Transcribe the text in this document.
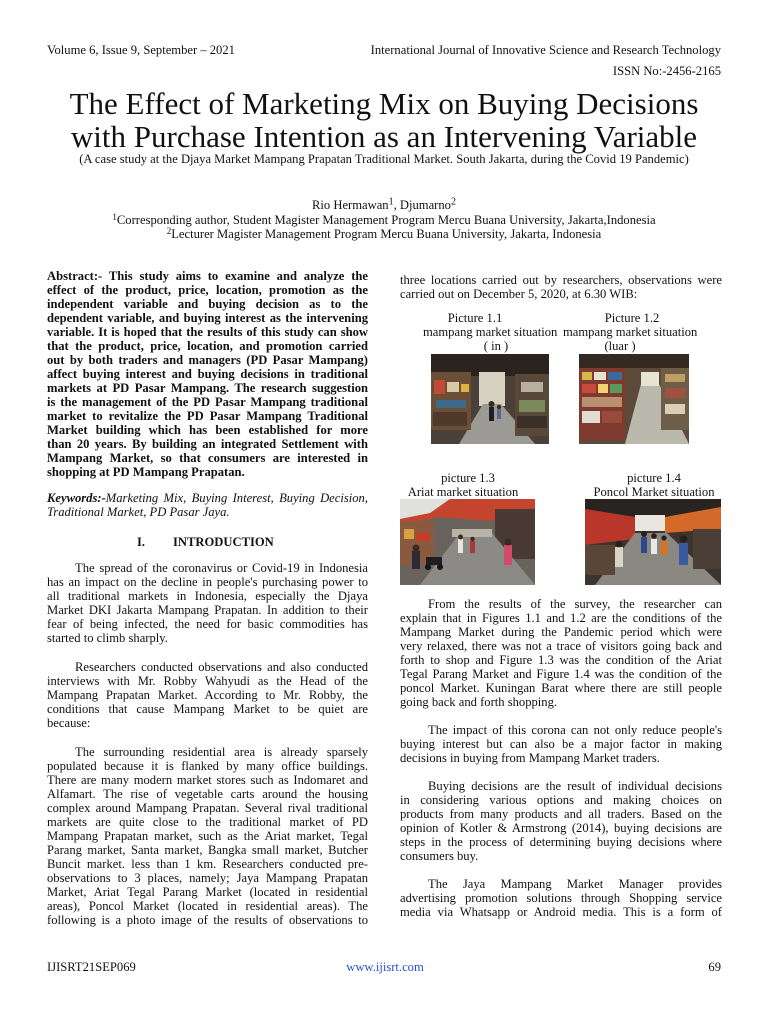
Volume 6, Issue 9, September – 2021	International Journal of Innovative Science and Research Technology
ISSN No:-2456-2165
The Effect of Marketing Mix on Buying Decisions
with Purchase Intention as an Intervening Variable
(A case study at the Djaya Market Mampang Prapatan Traditional Market. South Jakarta, during the Covid 19 Pandemic)
Rio Hermawan$^1$, Djumarno$^2$
$^1$Corresponding author, Student Magister Management Program Mercu Buana University, Jakarta,Indonesia
$^2$Lecturer Magister Management Program Mercu Buana University, Jakarta, Indonesia
Abstract:- This study aims to examine and analyze the
effect of the product, price, location, promotion as the
independent variable and buying decision as to the
dependent variable, and buying interest as the intervening
variable. It is hoped that the results of this study can show
that the product, price, location, and promotion carried
out by both traders and managers (PD Pasar Mampang)
affect buying interest and buying decisions in traditional
markets at PD Pasar Mampang. The research suggestion
is the management of the PD Pasar Mampang traditional
market to revitalize the PD Pasar Mampang Traditional
Market building which has been established for more
than 20 years. By building an integrated Settlement with
Mampang Market, so that consumers are interested in
shopping at PD Mampang Prapatan.
Keywords:-Marketing Mix, Buying Interest, Buying Decision,
Traditional Market, PD Pasar Jaya.
I. INTRODUCTION
The spread of the coronavirus or Covid-19 in Indonesia
has an impact on the decline in people's purchasing power to
all traditional markets in Indonesia, especially the Djaya
Market DKI Jakarta Mampang Prapatan. In addition to their
fear of being infected, the need for basic commodities has
started to climb sharply.
Researchers conducted observations and also conducted
interviews with Mr. Robby Wahyudi as the Head of the
Mampang Prapatan Market. According to Mr. Robby, the
conditions that cause Mampang Market to be quiet are
because:
The surrounding residential area is already sparsely
populated because it is flanked by many office buildings.
There are many modern market stores such as Indomaret and
Alfamart. The rise of vegetable carts around the housing
complex around Mampang Prapatan. Several rival traditional
markets are quite close to the traditional market of PD
Mampang Prapatan market, such as the Ariat market, Tegal
Parang market, Santa market, Bangka small market, Butcher
Buncit market. less than 1 km. Researchers conducted pre-
observations to 3 places, namely; Jaya Mampang Prapatan
Market, Ariat Tegal Parang Market (located in residential
areas), Poncol Market (located in residential areas). The
following is a photo image of the results of observations to
three locations carried out by researchers, observations were
carried out on December 5, 2020, at 6.30 WIB:
Picture 1.1
mampang market situation
( in )
Picture 1.2
mampang market situation
(luar )
picture 1.3
Ariat market situation
picture 1.4
Poncol Market situation
From the results of the survey, the researcher can
explain that in Figures 1.1 and 1.2 are the conditions of the
Mampang Market during the Pandemic period which were
very relaxed, there was not a trace of visitors going back and
forth to shop and Figure 1.3 was the condition of the Ariat
Tegal Parang Market and Figure 1.4 was the condition of the
poncol Market. Kuningan Barat where there are still people
going back and forth shopping.
The impact of this corona can not only reduce people's
buying interest but can also be a major factor in making
decisions in buying from Mampang Market traders.
Buying decisions are the result of individual decisions
in considering various options and making choices on
products from many products and all traders. Based on the
opinion of Kotler & Armstrong (2014), buying decisions are
steps in the process of determining buying decisions where
consumers buy.
The Jaya Mampang Market Manager provides
advertising promotion solutions through Shopping service
media via Whatsapp or Android media. This is a form of
IJISRT21SEP069	www.ijisrt.com	69
